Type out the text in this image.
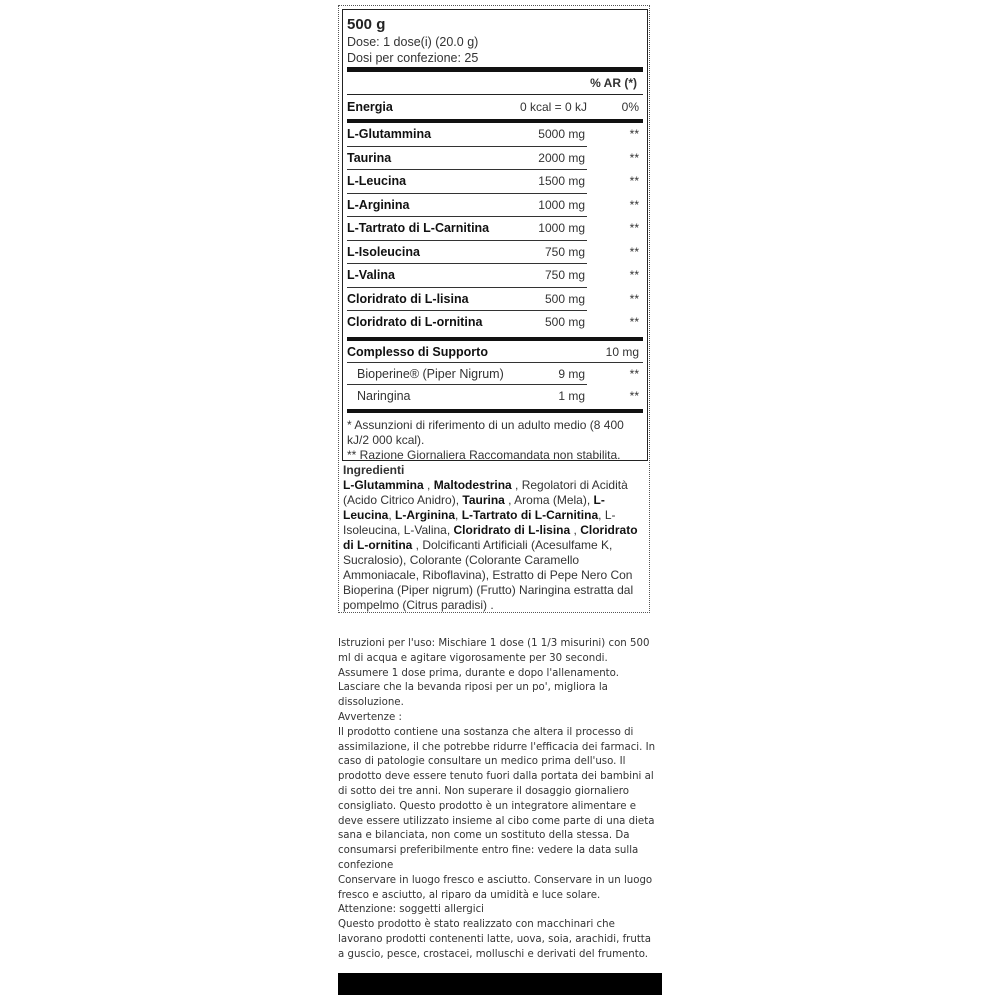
500 g
Dose: 1 dose(i) (20.0 g)
Dosi per confezione: 25
% AR (*)
Energia	0 kcal = 0 kJ	0%
L-Glutammina	5000 mg	**
Taurina	2000 mg	**
L-Leucina	1500 mg	**
L-Arginina	1000 mg	**
L-Tartrato di L-Carnitina	1000 mg	**
L-Isoleucina	750 mg	**
L-Valina	750 mg	**
Cloridrato di L-lisina	500 mg	**
Cloridrato di L-ornitina	500 mg	**
Complesso di Supporto	10 mg
Bioperine® (Piper Nigrum)	9 mg	**
Naringina	1 mg	**
* Assunzioni di riferimento di un adulto medio (8 400 kJ/2 000 kcal).
** Razione Giornaliera Raccomandata non stabilita.
Ingredienti
L-Glutammina , Maltodestrina , Regolatori di Acidità (Acido Citrico Anidro), Taurina , Aroma (Mela), L-Leucina, L-Arginina, L-Tartrato di L-Carnitina, L-Isoleucina, L-Valina, Cloridrato di L-lisina , Cloridrato di L-ornitina , Dolcificanti Artificiali (Acesulfame K, Sucralosio), Colorante (Colorante Caramello Ammoniacale, Riboflavina), Estratto di Pepe Nero Con Bioperina (Piper nigrum) (Frutto) Naringina estratta dal pompelmo (Citrus paradisi) .
Istruzioni per l'uso: Mischiare 1 dose (1 1/3 misurini) con 500 ml di acqua e agitare vigorosamente per 30 secondi. Assumere 1 dose prima, durante e dopo l'allenamento. Lasciare che la bevanda riposi per un po', migliora la dissoluzione.
Avvertenze :
Il prodotto contiene una sostanza che altera il processo di assimilazione, il che potrebbe ridurre l'efficacia dei farmaci. In caso di patologie consultare un medico prima dell'uso. Il prodotto deve essere tenuto fuori dalla portata dei bambini al di sotto dei tre anni. Non superare il dosaggio giornaliero consigliato. Questo prodotto è un integratore alimentare e deve essere utilizzato insieme al cibo come parte di una dieta sana e bilanciata, non come un sostituto della stessa. Da consumarsi preferibilmente entro fine: vedere la data sulla confezione
Conservare in luogo fresco e asciutto. Conservare in un luogo fresco e asciutto, al riparo da umidità e luce solare.
Attenzione: soggetti allergici
Questo prodotto è stato realizzato con macchinari che lavorano prodotti contenenti latte, uova, soia, arachidi, frutta a guscio, pesce, crostacei, molluschi e derivati del frumento.
